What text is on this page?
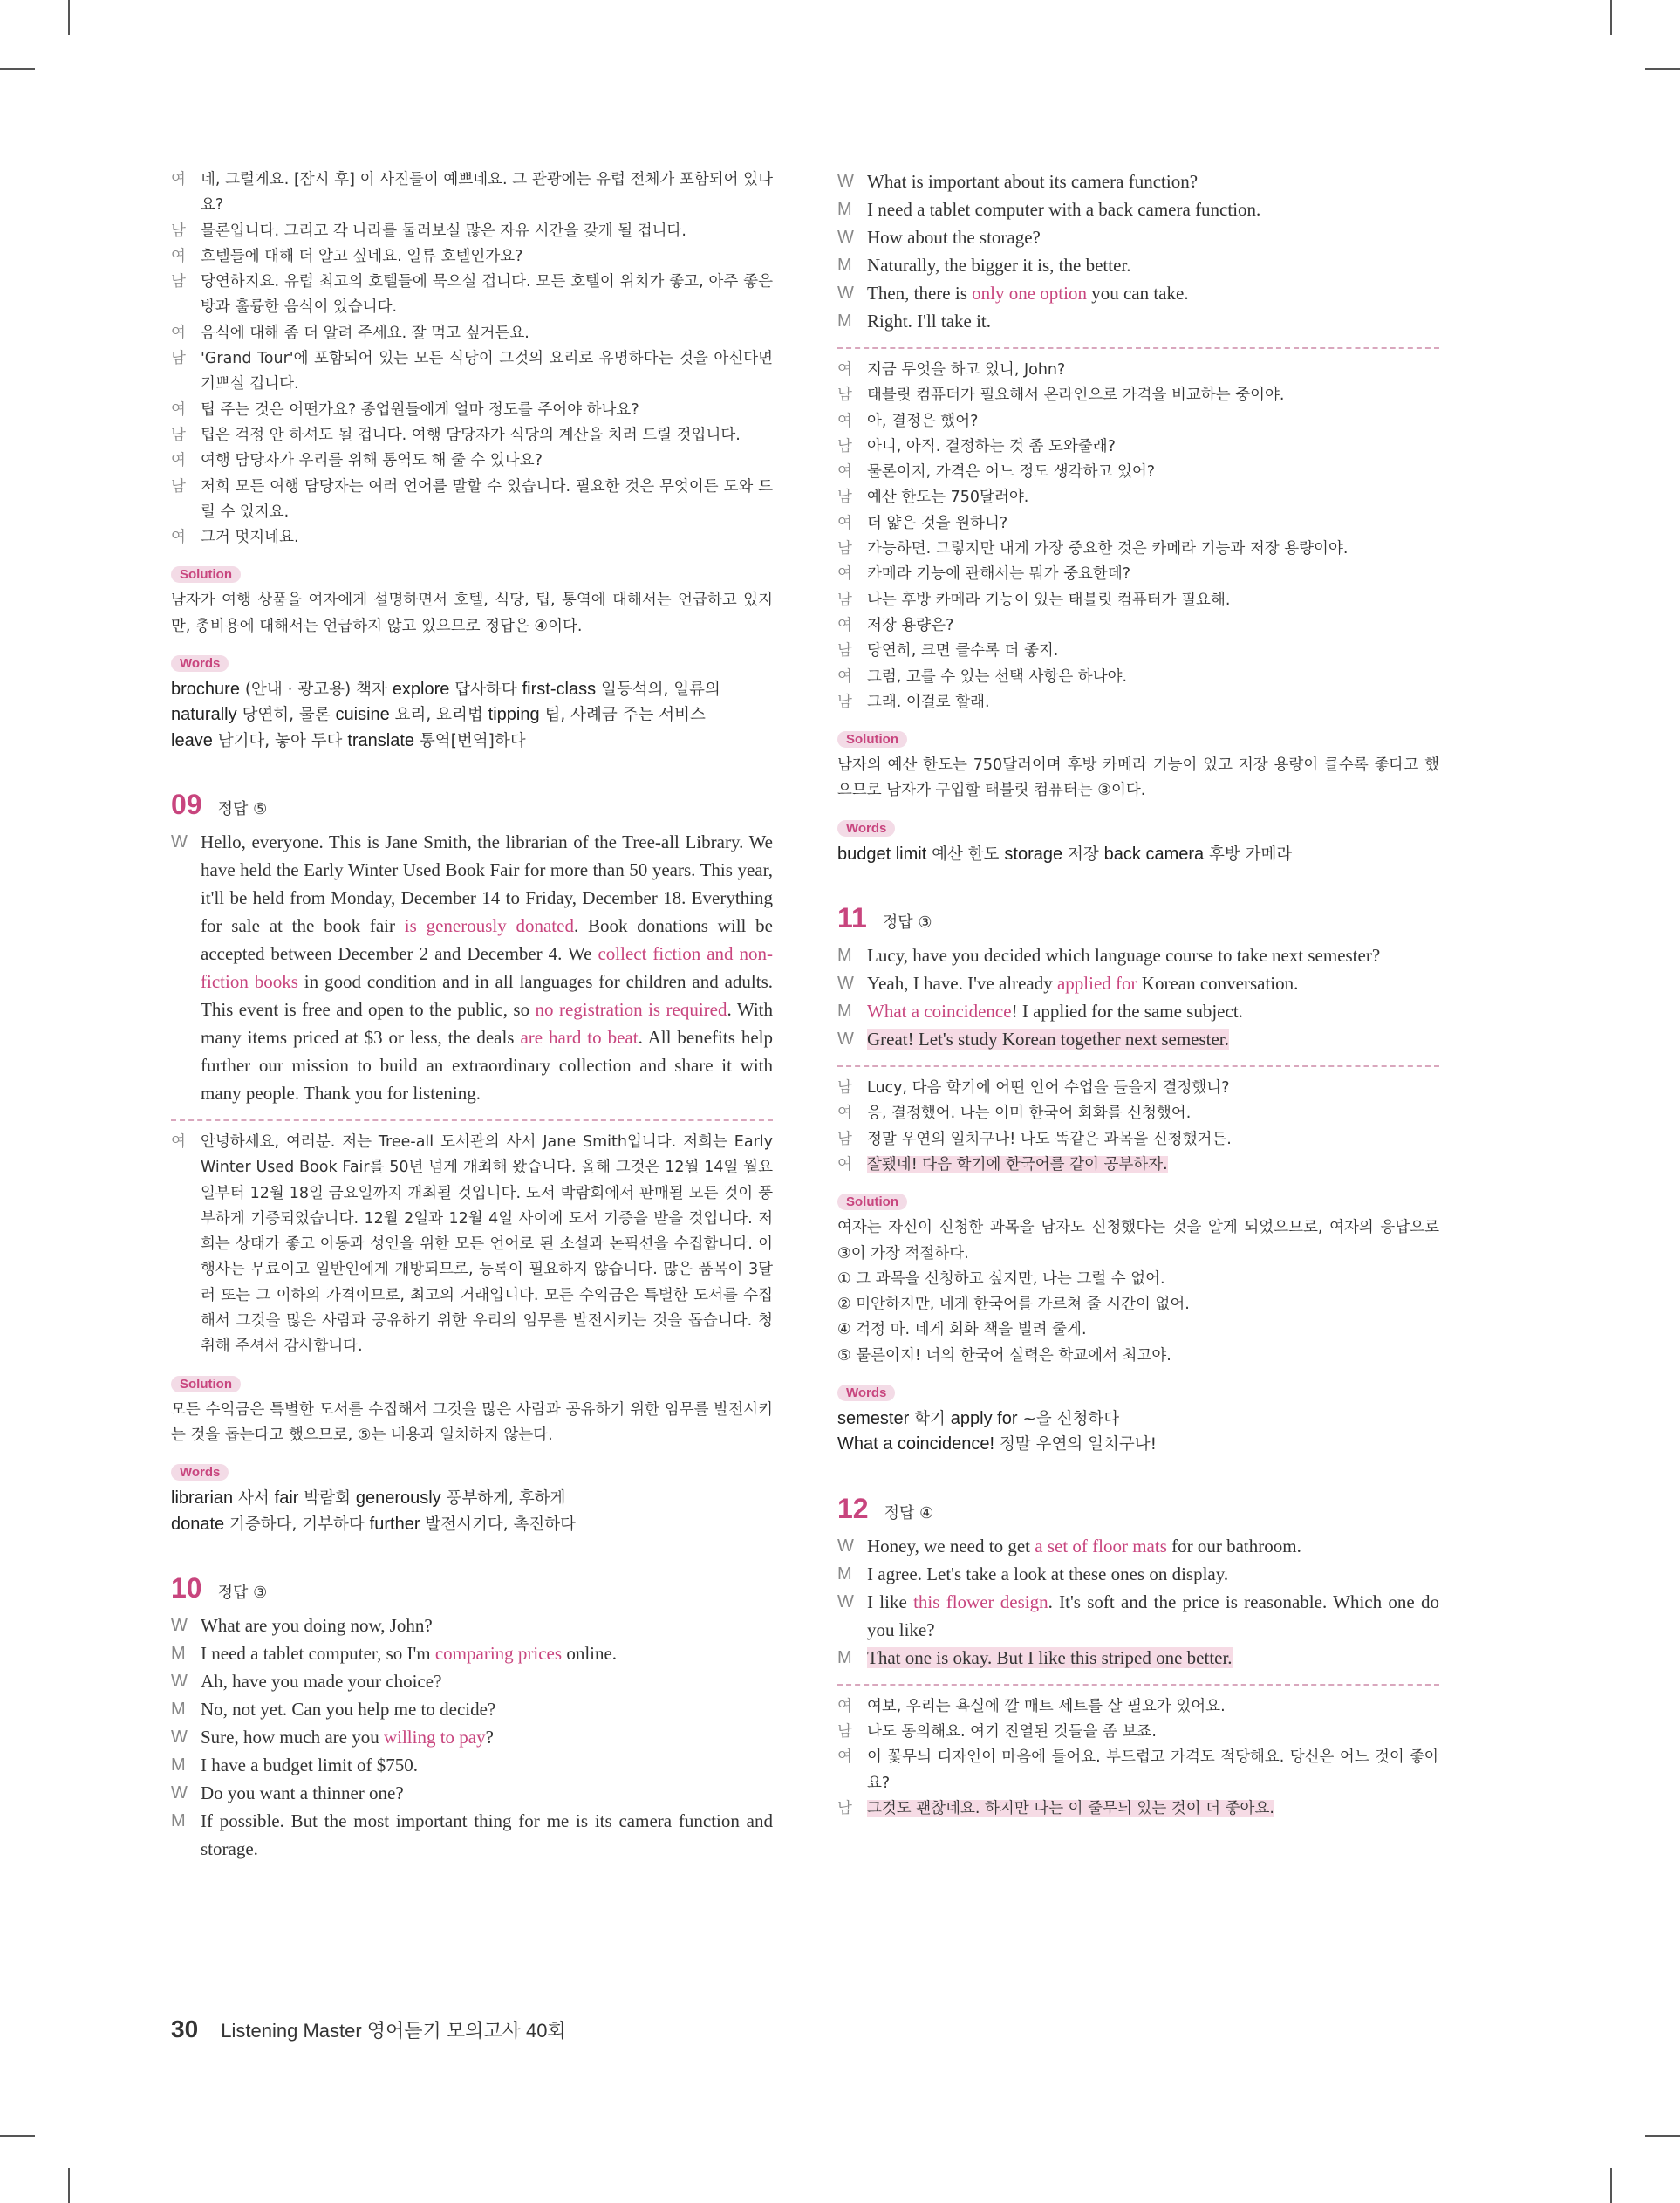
여 네, 그럴게요. [잠시 후] 이 사진들이 예쁘네요. 그 관광에는 유럽 전체가 포함되어 있나요?
남 물론입니다. 그리고 각 나라를 둘러보실 많은 자유 시간을 갖게 될 겁니다.
여 호텔들에 대해 더 알고 싶네요. 일류 호텔인가요?
남 당연하지요. 유럽 최고의 호텔들에 묵으실 겁니다. 모든 호텔이 위치가 좋고, 아주 좋은 방과 훌륭한 음식이 있습니다.
여 음식에 대해 좀 더 알려 주세요. 잘 먹고 싶거든요.
남 'Grand Tour'에 포함되어 있는 모든 식당이 그것의 요리로 유명하다는 것을 아신다면 기쁘실 겁니다.
여 팁 주는 것은 어떤가요? 종업원들에게 얼마 정도를 주어야 하나요?
남 팁은 걱정 안 하셔도 될 겁니다. 여행 담당자가 식당의 계산을 치러 드릴 것입니다.
여 여행 담당자가 우리를 위해 통역도 해 줄 수 있나요?
남 저희 모든 여행 담당자는 여러 언어를 말할 수 있습니다. 필요한 것은 무엇이든 도와 드릴 수 있지요.
여 그거 멋지네요.
Solution
남자가 여행 상품을 여자에게 설명하면서 호텔, 식당, 팁, 통역에 대해서는 언급하고 있지만, 총비용에 대해서는 언급하지 않고 있으므로 정답은 ④이다.
Words
brochure (안내 · 광고용) 책자 explore 답사하다 first-class 일등석의, 일류의
naturally 당연히, 물론 cuisine 요리, 요리법 tipping 팁, 사례금 주는 서비스
leave 남기다, 놓아 두다 translate 통역[번역]하다
09 정답 ⑤
W Hello, everyone. This is Jane Smith, the librarian of the Tree-all Library. We have held the Early Winter Used Book Fair for more than 50 years. This year, it'll be held from Monday, December 14 to Friday, December 18. Everything for sale at the book fair is generously donated. Book donations will be accepted between December 2 and December 4. We collect fiction and non-fiction books in good condition and in all languages for children and adults. This event is free and open to the public, so no registration is required. With many items priced at $3 or less, the deals are hard to beat. All benefits help further our mission to build an extraordinary collection and share it with many people. Thank you for listening.
여 안녕하세요, 여러분. 저는 Tree-all 도서관의 사서 Jane Smith입니다. 저희는 Early Winter Used Book Fair를 50년 넘게 개최해 왔습니다. 올해 그것은 12월 14일 월요일부터 12월 18일 금요일까지 개최될 것입니다. 도서 박람회에서 판매될 모든 것이 풍부하게 기증되었습니다. 12월 2일과 12월 4일 사이에 도서 기증을 받을 것입니다. 저희는 상태가 좋고 아동과 성인을 위한 모든 언어로 된 소설과 논픽션을 수집합니다. 이 행사는 무료이고 일반인에게 개방되므로, 등록이 필요하지 않습니다. 많은 품목이 3달러 또는 그 이하의 가격이므로, 최고의 거래입니다. 모든 수익금은 특별한 도서를 수집해서 그것을 많은 사람과 공유하기 위한 우리의 임무를 발전시키는 것을 돕습니다. 청취해 주셔서 감사합니다.
Solution
모든 수익금은 특별한 도서를 수집해서 그것을 많은 사람과 공유하기 위한 임무를 발전시키는 것을 돕는다고 했으므로, ⑤는 내용과 일치하지 않는다.
Words
librarian 사서 fair 박람회 generously 풍부하게, 후하게
donate 기증하다, 기부하다 further 발전시키다, 촉진하다
10 정답 ③
W What are you doing now, John?
M I need a tablet computer, so I'm comparing prices online.
W Ah, have you made your choice?
M No, not yet. Can you help me to decide?
W Sure, how much are you willing to pay?
M I have a budget limit of $750.
W Do you want a thinner one?
M If possible. But the most important thing for me is its camera function and storage.
W What is important about its camera function?
M I need a tablet computer with a back camera function.
W How about the storage?
M Naturally, the bigger it is, the better.
W Then, there is only one option you can take.
M Right. I'll take it.
여 지금 무엇을 하고 있니, John?
남 태블릿 컴퓨터가 필요해서 온라인으로 가격을 비교하는 중이야.
여 아, 결정은 했어?
남 아니, 아직. 결정하는 것 좀 도와줄래?
여 물론이지, 가격은 어느 정도 생각하고 있어?
남 예산 한도는 750달러야.
여 더 얇은 것을 원하니?
남 가능하면. 그렇지만 내게 가장 중요한 것은 카메라 기능과 저장 용량이야.
여 카메라 기능에 관해서는 뭐가 중요한데?
남 나는 후방 카메라 기능이 있는 태블릿 컴퓨터가 필요해.
여 저장 용량은?
남 당연히, 크면 클수록 더 좋지.
여 그럼, 고를 수 있는 선택 사항은 하나야.
남 그래. 이걸로 할래.
Solution
남자의 예산 한도는 750달러이며 후방 카메라 기능이 있고 저장 용량이 클수록 좋다고 했으므로 남자가 구입할 태블릿 컴퓨터는 ③이다.
Words
budget limit 예산 한도 storage 저장 back camera 후방 카메라
11 정답 ③
M Lucy, have you decided which language course to take next semester?
W Yeah, I have. I've already applied for Korean conversation.
M What a coincidence! I applied for the same subject.
W Great! Let's study Korean together next semester.
남 Lucy, 다음 학기에 어떤 언어 수업을 들을지 결정했니?
여 응, 결정했어. 나는 이미 한국어 회화를 신청했어.
남 정말 우연의 일치구나! 나도 똑같은 과목을 신청했거든.
여 잘됐네! 다음 학기에 한국어를 같이 공부하자.
Solution
여자는 자신이 신청한 과목을 남자도 신청했다는 것을 알게 되었으므로, 여자의 응답으로 ③이 가장 적절하다.
① 그 과목을 신청하고 싶지만, 나는 그럴 수 없어.
② 미안하지만, 네게 한국어를 가르쳐 줄 시간이 없어.
④ 걱정 마. 네게 회화 책을 빌려 줄게.
⑤ 물론이지! 너의 한국어 실력은 학교에서 최고야.
Words
semester 학기 apply for ~을 신청하다
What a coincidence! 정말 우연의 일치구나!
12 정답 ④
W Honey, we need to get a set of floor mats for our bathroom.
M I agree. Let's take a look at these ones on display.
W I like this flower design. It's soft and the price is reasonable. Which one do you like?
M That one is okay. But I like this striped one better.
여 여보, 우리는 욕실에 깔 매트 세트를 살 필요가 있어요.
남 나도 동의해요. 여기 진열된 것들을 좀 보죠.
여 이 꽃무늬 디자인이 마음에 들어요. 부드럽고 가격도 적당해요. 당신은 어느 것이 좋아요?
남 그것도 괜찮네요. 하지만 나는 이 줄무늬 있는 것이 더 좋아요.
30 Listening Master 영어듣기 모의고사 40회
